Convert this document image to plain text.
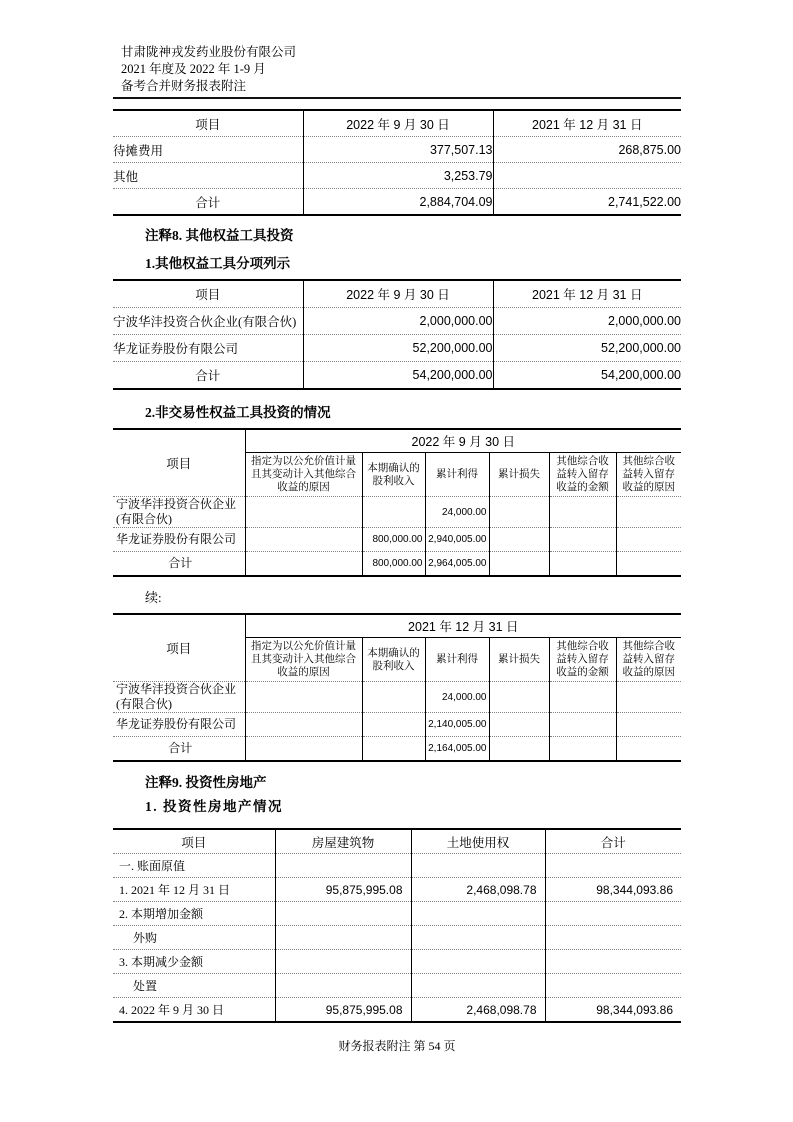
甘肃陇神戎发药业股份有限公司
2021 年度及 2022 年 1-9 月
备考合并财务报表附注
项目	2022 年 9 月 30 日	2021 年 12 月 31 日
待摊费用	377,507.13	268,875.00
其他	3,253.79	
合计	2,884,704.09	2,741,522.00
注释8. 其他权益工具投资
1.其他权益工具分项列示
项目	2022 年 9 月 30 日	2021 年 12 月 31 日
宁波华沣投资合伙企业(有限合伙)	2,000,000.00	2,000,000.00
华龙证券股份有限公司	52,200,000.00	52,200,000.00
合计	54,200,000.00	54,200,000.00
2.非交易性权益工具投资的情况
项目	2022 年 9 月 30 日					
	指定为以公允价值计量且其变动计入其他综合收益的原因	本期确认的股利收入	累计利得	累计损失	其他综合收益转入留存收益的金额	其他综合收益转入留存收益的原因
宁波华沣投资合伙企业(有限合伙)			24,000.00			
华龙证券股份有限公司		800,000.00	2,940,005.00			
合计		800,000.00	2,964,005.00			
续:
项目	2021 年 12 月 31 日					
	指定为以公允价值计量且其变动计入其他综合收益的原因	本期确认的股利收入	累计利得	累计损失	其他综合收益转入留存收益的金额	其他综合收益转入留存收益的原因
宁波华沣投资合伙企业(有限合伙)			24,000.00			
华龙证券股份有限公司			2,140,005.00			
合计			2,164,005.00			
注释9. 投资性房地产
1. 投资性房地产情况
项目	房屋建筑物	土地使用权	合计
一. 账面原值			
1. 2021 年 12 月 31 日	95,875,995.08	2,468,098.78	98,344,093.86
2. 本期增加金额			
外购			
3. 本期减少金额			
处置			
4. 2022 年 9 月 30 日	95,875,995.08	2,468,098.78	98,344,093.86
财务报表附注 第 54 页
